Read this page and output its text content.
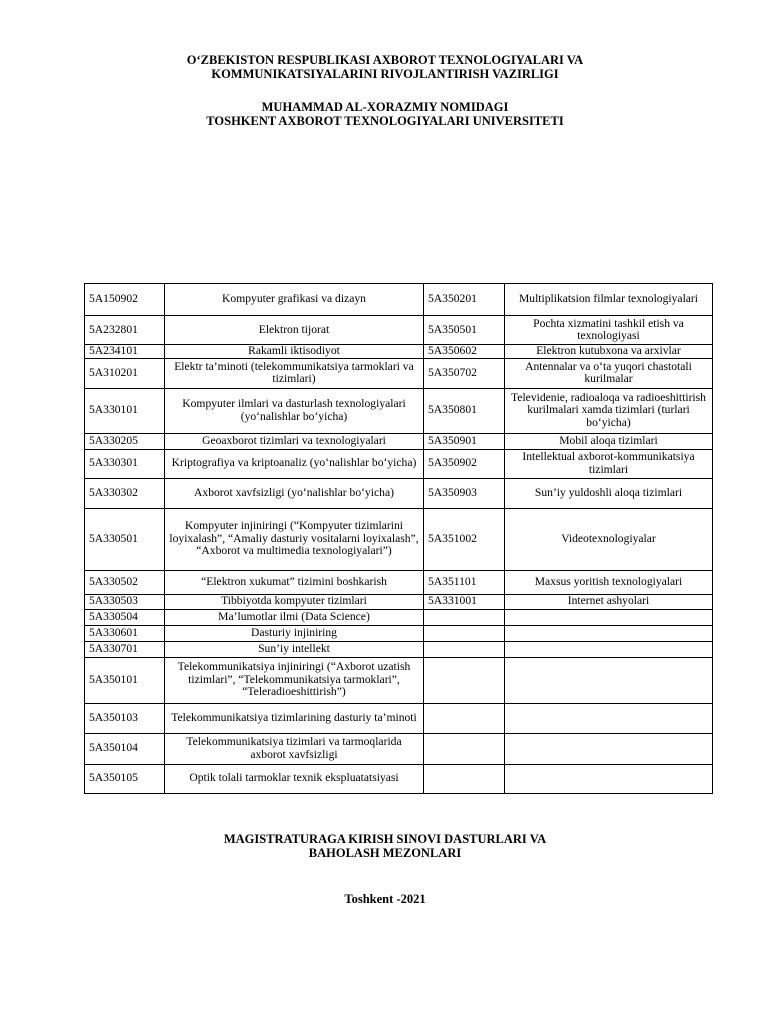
O‘ZBEKISTON RESPUBLIKASI AXBOROT TEXNOLOGIYALARI VA
KOMMUNIKATSIYALARINI RIVOJLANTIRISH VAZIRLIGI
MUHAMMAD AL-XORAZMIY NOMIDAGI
TOSHKENT AXBOROT TEXNOLOGIYALARI UNIVERSITETI
5A150902	Kompyuter grafikasi va dizayn	5A350201	Multiplikatsion filmlar texnologiyalari
5A232801	Elektron tijorat	5A350501	Pochta xizmatini tashkil etish va texnologiyasi
5A234101	Rakamli iktisodiyot	5A350602	Elektron kutubxona va arxivlar
5A310201	Elektr ta’minoti (telekommunikatsiya tarmoklari va tizimlari)	5A350702	Antennalar va o‘ta yuqori chastotali kurilmalar
5A330101	Kompyuter ilmlari va dasturlash texnologiyalari (yo‘nalishlar bo‘yicha)	5A350801	Televidenie, radioaloqa va radioeshittirish kurilmalari xamda tizimlari (turlari bo‘yicha)
5A330205	Geoaxborot tizimlari va texnologiyalari	5A350901	Mobil aloqa tizimlari
5A330301	Kriptografiya va kriptoanaliz (yo‘nalishlar bo‘yicha)	5A350902	Intellektual axborot-kommunikatsiya tizimlari
5A330302	Axborot xavfsizligi (yo‘nalishlar bo‘yicha)	5A350903	Sun’iy yuldoshli aloqa tizimlari
5A330501	Kompyuter injiniringi (“Kompyuter tizimlarini loyixalash”, “Amaliy dasturiy vositalarni loyixalash”, “Axborot va multimedia texnologiyalari”)	5A351002	Videotexnologiyalar
5A330502	“Elektron xukumat” tizimini boshkarish	5A351101	Maxsus yoritish texnologiyalari
5A330503	Tibbiyotda kompyuter tizimlari	5A331001	Internet ashyolari
5A330504	Ma’lumotlar ilmi (Data Science)		
5A330601	Dasturiy injiniring		
5A330701	Sun’iy intellekt		
5A350101	Telekommunikatsiya injiniringi (“Axborot uzatish tizimlari”, “Telekommunikatsiya tarmoklari”, “Teleradioeshittirish”)		
5A350103	Telekommunikatsiya tizimlarining dasturiy ta’minoti		
5A350104	Telekommunikatsiya tizimlari va tarmoqlarida axborot xavfsizligi		
5A350105	Optik tolali tarmoklar texnik ekspluatatsiyasi		
MAGISTRATURAGA KIRISH SINOVI DASTURLARI VA
BAHOLASH MEZONLARI
Toshkent -2021
